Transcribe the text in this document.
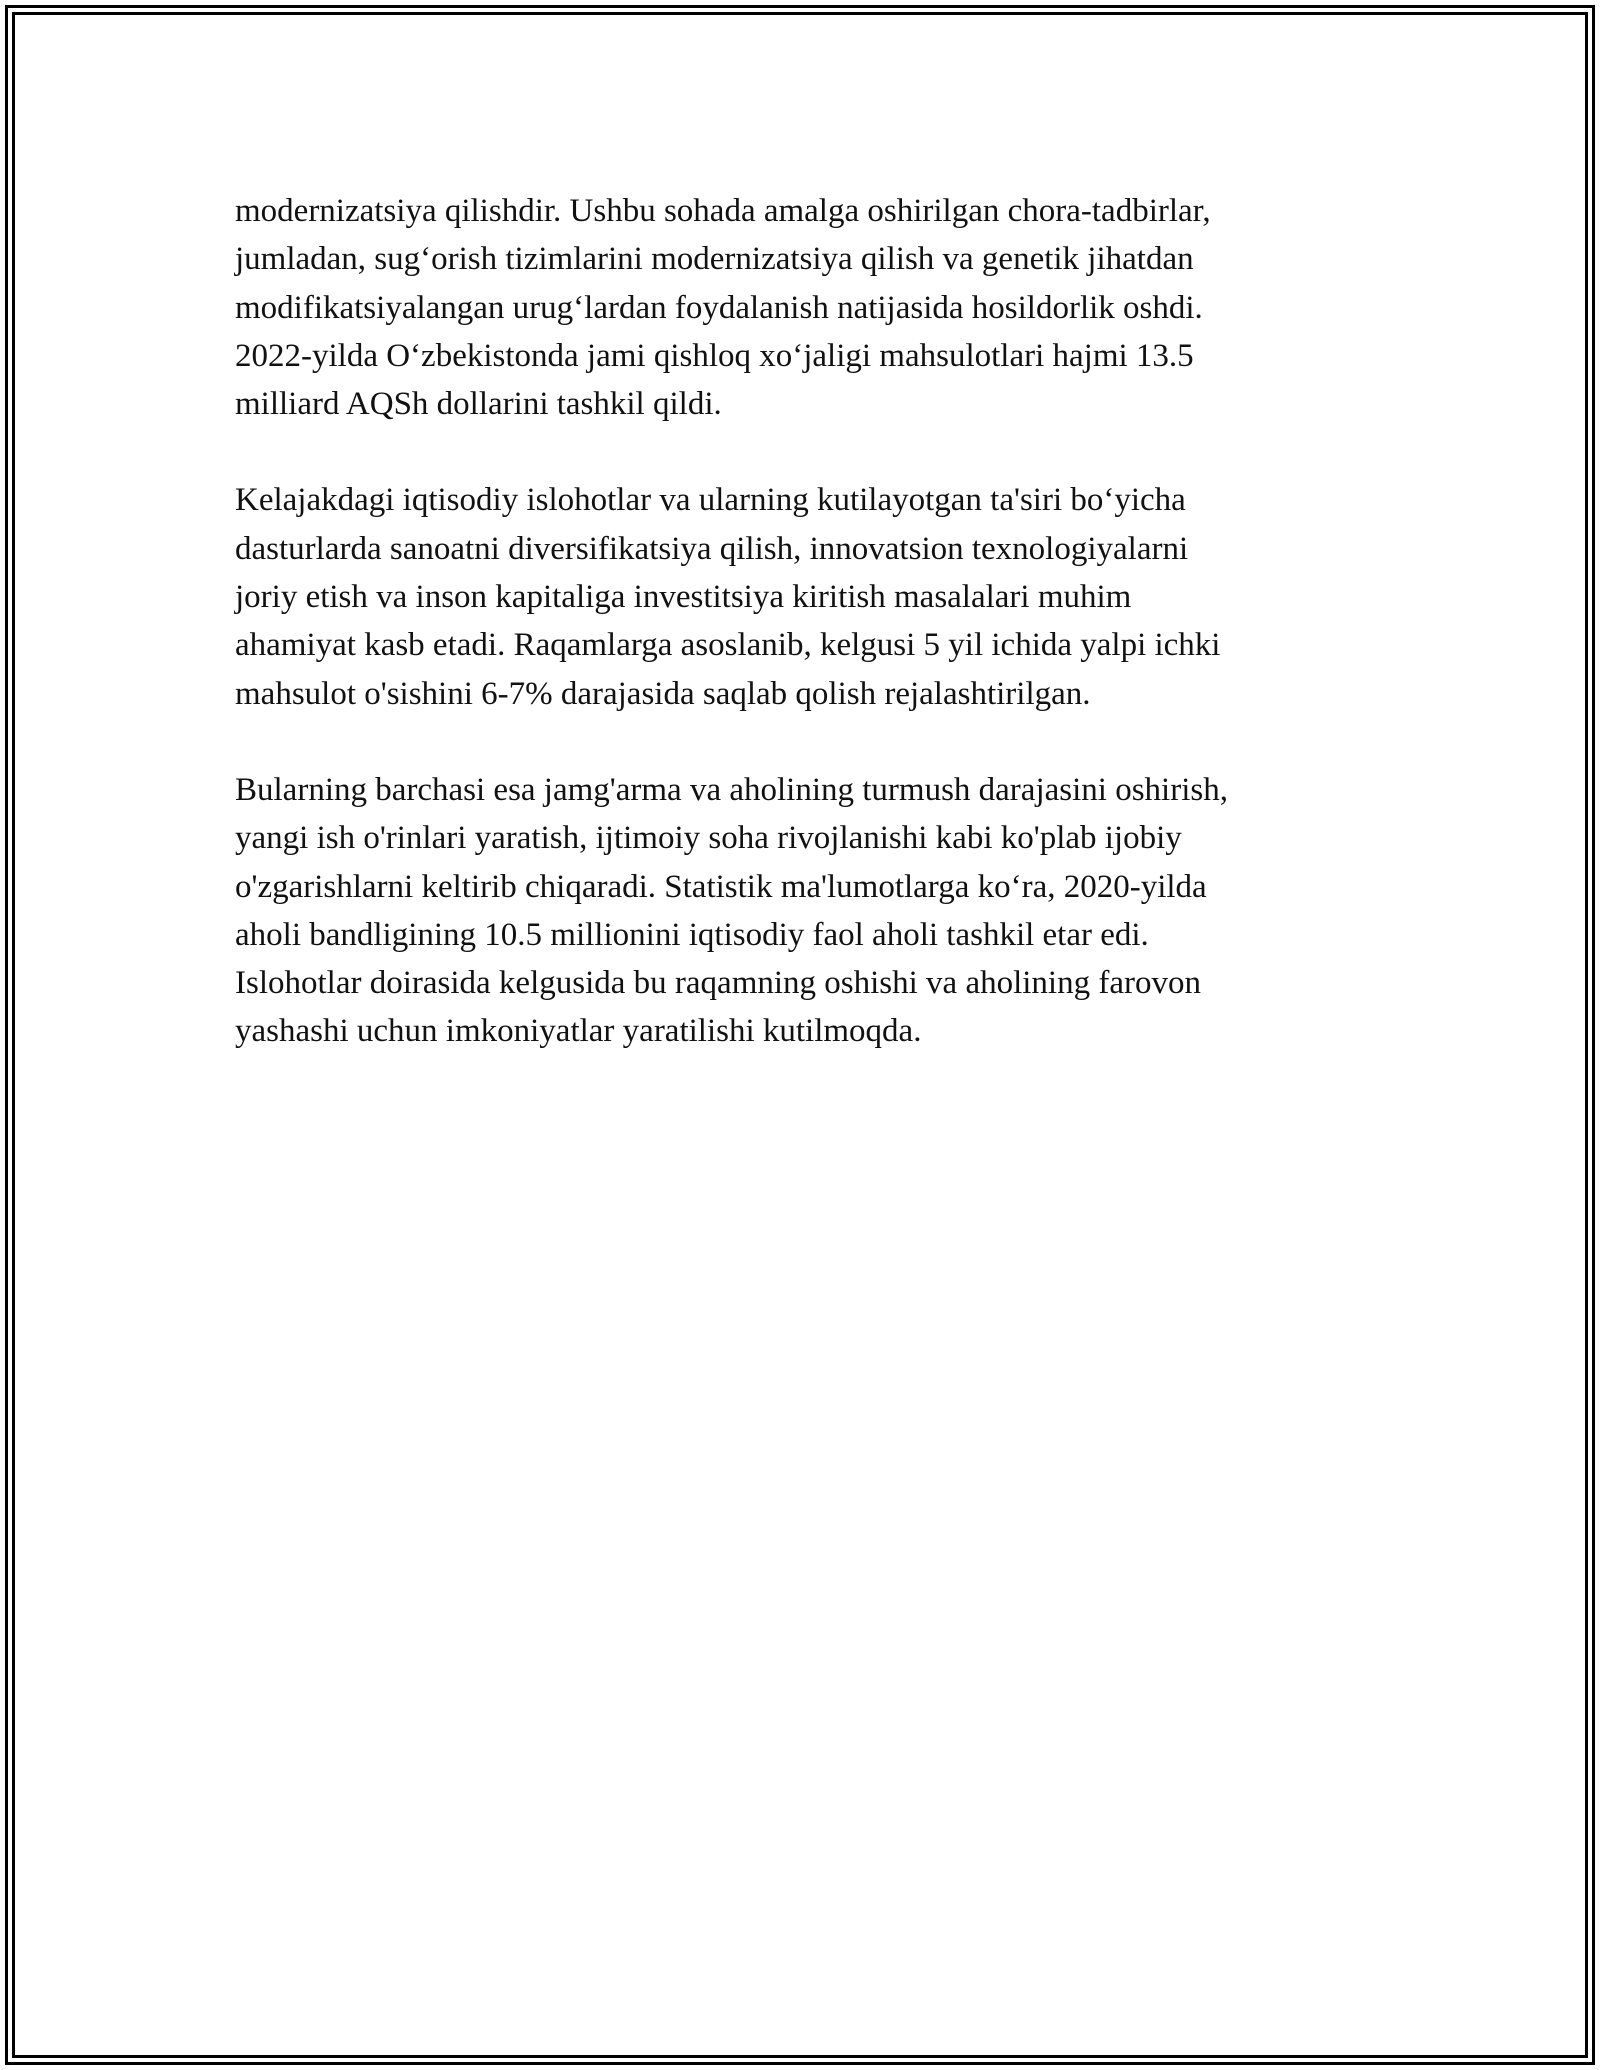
modernizatsiya qilishdir. Ushbu sohada amalga oshirilgan chora-tadbirlar,
jumladan, sug‘orish tizimlarini modernizatsiya qilish va genetik jihatdan
modifikatsiyalangan urug‘lardan foydalanish natijasida hosildorlik oshdi.
2022-yilda O‘zbekistonda jami qishloq xo‘jaligi mahsulotlari hajmi 13.5
milliard AQSh dollarini tashkil qildi.

Kelajakdagi iqtisodiy islohotlar va ularning kutilayotgan ta'siri bo‘yicha
dasturlarda sanoatni diversifikatsiya qilish, innovatsion texnologiyalarni
joriy etish va inson kapitaliga investitsiya kiritish masalalari muhim
ahamiyat kasb etadi. Raqamlarga asoslanib, kelgusi 5 yil ichida yalpi ichki
mahsulot o'sishini 6-7% darajasida saqlab qolish rejalashtirilgan.

Bularning barchasi esa jamg'arma va aholining turmush darajasini oshirish,
yangi ish o'rinlari yaratish, ijtimoiy soha rivojlanishi kabi ko'plab ijobiy
o'zgarishlarni keltirib chiqaradi. Statistik ma'lumotlarga ko‘ra, 2020-yilda
aholi bandligining 10.5 millionini iqtisodiy faol aholi tashkil etar edi.
Islohotlar doirasida kelgusida bu raqamning oshishi va aholining farovon
yashashi uchun imkoniyatlar yaratilishi kutilmoqda.
